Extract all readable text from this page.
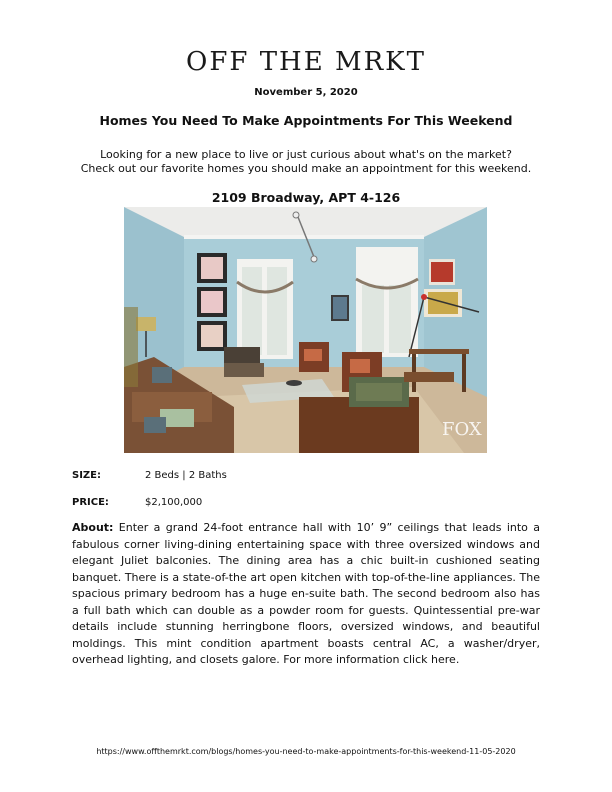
OFF THE MRKT
November 5, 2020
Homes You Need To Make Appointments For This Weekend
Looking for a new place to live or just curious about what's on the market?
Check out our favorite homes you should make an appointment for this weekend.
2109 Broadway, APT 4-126
FOX
SIZE:	2 Beds | 2 Baths
PRICE:	$2,100,000
About: Enter a grand 24-foot entrance hall with 10’ 9” ceilings that leads into a fabulous corner living-dining entertaining space with three oversized windows and elegant Juliet balconies. The dining area has a chic built-in cushioned seating banquet. There is a state-of-the art open kitchen with top-of-the-line appliances. The spacious primary bedroom has a huge en-suite bath. The second bedroom also has a full bath which can double as a powder room for guests. Quintessential pre-war details include stunning herringbone floors, oversized windows, and beautiful moldings. This mint condition apartment boasts central AC, a washer/dryer, overhead lighting, and closets galore. For more information click here.
https://www.offthemrkt.com/blogs/homes-you-need-to-make-appointments-for-this-weekend-11-05-2020
